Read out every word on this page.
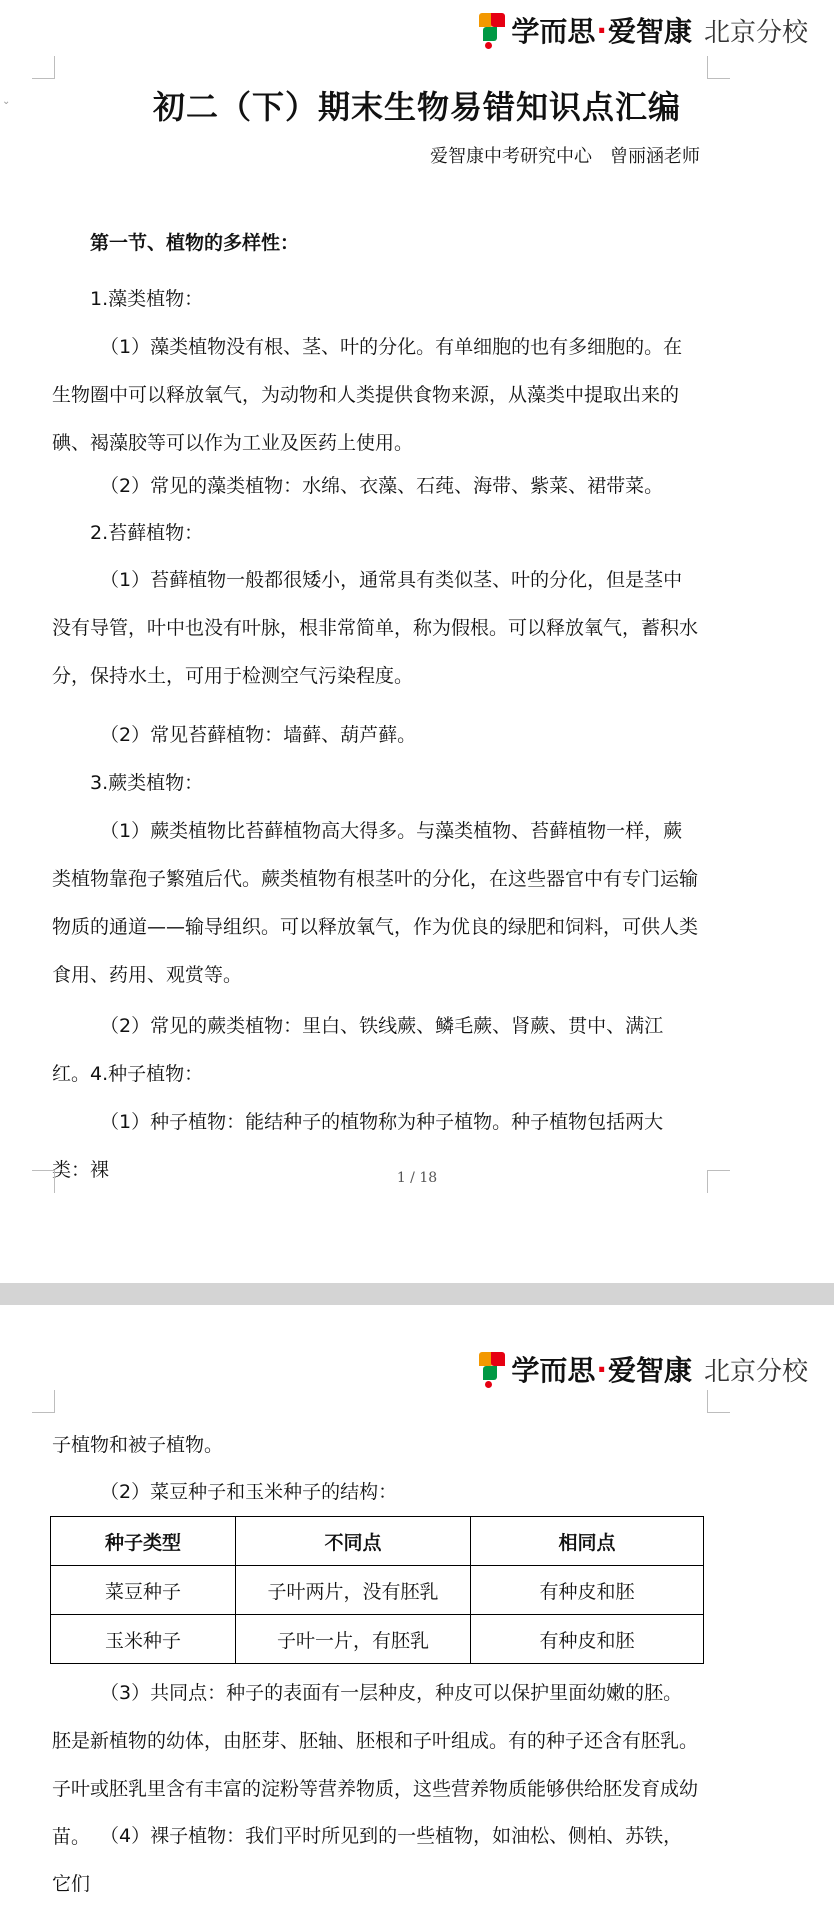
学而思 · 爱智康 北京分校
⌄	初二（下）期末生物易错知识点汇编
爱智康中考研究中心　曾丽涵老师
第一节、植物的多样性：
1.藻类植物：
（1）藻类植物没有根、茎、叶的分化。有单细胞的也有多细胞的。在生物圈中可以释放氧气，为动物和人类提供食物来源，从藻类中提取出来的碘、褐藻胶等可以作为工业及医药上使用。
（2）常见的藻类植物：水绵、衣藻、石莼、海带、紫菜、裙带菜。
2.苔藓植物：
（1）苔藓植物一般都很矮小，通常具有类似茎、叶的分化，但是茎中没有导管，叶中也没有叶脉，根非常简单，称为假根。可以释放氧气，蓄积水分，保持水土，可用于检测空气污染程度。
（2）常见苔藓植物：墙藓、葫芦藓。
3.蕨类植物：
（1）蕨类植物比苔藓植物高大得多。与藻类植物、苔藓植物一样，蕨类植物靠孢子繁殖后代。蕨类植物有根茎叶的分化，在这些器官中有专门运输物质的通道——输导组织。可以释放氧气，作为优良的绿肥和饲料，可供人类食用、药用、观赏等。
（2）常见的蕨类植物：里白、铁线蕨、鳞毛蕨、肾蕨、贯中、满江红。 4.种子植物：
（1）种子植物：能结种子的植物称为种子植物。种子植物包括两大类：裸	1 / 18
学而思 · 爱智康 北京分校
子植物和被子植物。
（2）菜豆种子和玉米种子的结构：
种子类型	不同点	相同点
菜豆种子	子叶两片，没有胚乳	有种皮和胚
玉米种子	子叶一片，有胚乳	有种皮和胚
（3）共同点：种子的表面有一层种皮，种皮可以保护里面幼嫩的胚。胚是新植物的幼体，由胚芽、胚轴、胚根和子叶组成。有的种子还含有胚乳。子叶或胚乳里含有丰富的淀粉等营养物质，这些营养物质能够供给胚发育成幼苗。 （4）裸子植物：我们平时所见到的一些植物，如油松、侧柏、苏铁，它们
